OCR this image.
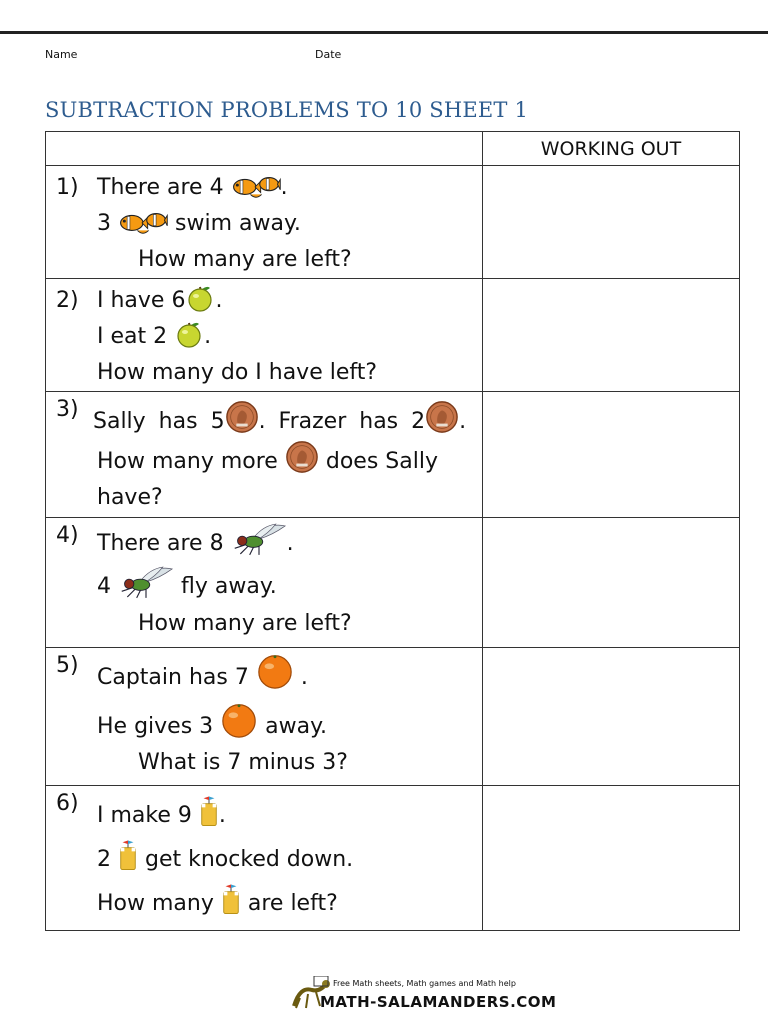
Name	Date
SUBTRACTION PROBLEMS TO 10 SHEET 1
	WORKING OUT

1) There are 4 .
3 swim away.
How many are left?	

2) I have 6 .
I eat 2 .
How many do I have left?	

3) Sally has 5 . Frazer has 2 .
How many more does Sally
have?	

4) There are 8 .
4 fly away.
How many are left?	

5) Captain has 7 .
He gives 3 away.
What is 7 minus 3?	

6) I make 9 .
2 get knocked down.
How many are left?	

Free Math sheets, Math games and Math help
MATH-SALAMANDERS.COM
